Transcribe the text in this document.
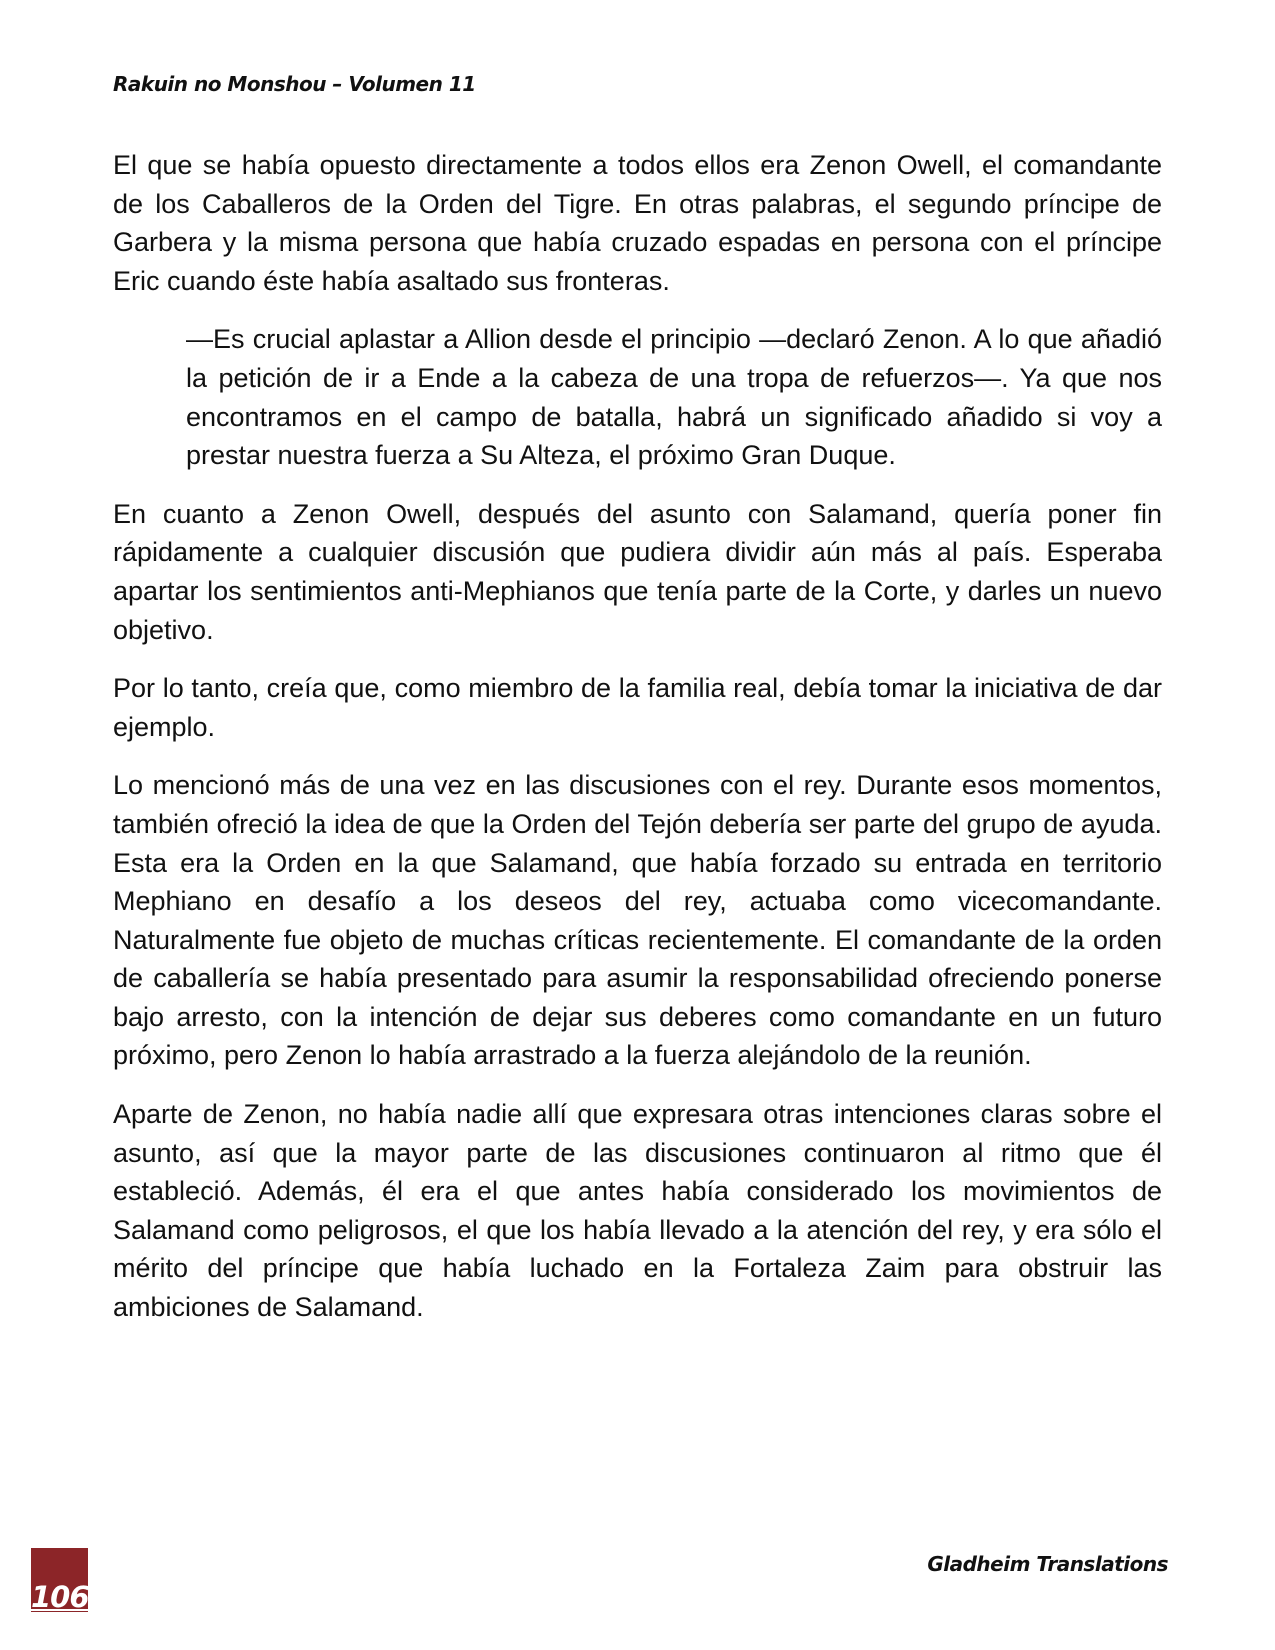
Rakuin no Monshou – Volumen 11

El que se había opuesto directamente a todos ellos era Zenon Owell, el comandante de los Caballeros de la Orden del Tigre. En otras palabras, el segundo príncipe de Garbera y la misma persona que había cruzado espadas en persona con el príncipe Eric cuando éste había asaltado sus fronteras.

—Es crucial aplastar a Allion desde el principio —declaró Zenon. A lo que añadió la petición de ir a Ende a la cabeza de una tropa de refuerzos—. Ya que nos encontramos en el campo de batalla, habrá un significado añadido si voy a prestar nuestra fuerza a Su Alteza, el próximo Gran Duque.

En cuanto a Zenon Owell, después del asunto con Salamand, quería poner fin rápidamente a cualquier discusión que pudiera dividir aún más al país. Esperaba apartar los sentimientos anti-Mephianos que tenía parte de la Corte, y darles un nuevo objetivo.

Por lo tanto, creía que, como miembro de la familia real, debía tomar la iniciativa de dar ejemplo.

Lo mencionó más de una vez en las discusiones con el rey. Durante esos momentos, también ofreció la idea de que la Orden del Tejón debería ser parte del grupo de ayuda. Esta era la Orden en la que Salamand, que había forzado su entrada en territorio Mephiano en desafío a los deseos del rey, actuaba como vicecomandante. Naturalmente fue objeto de muchas críticas recientemente. El comandante de la orden de caballería se había presentado para asumir la responsabilidad ofreciendo ponerse bajo arresto, con la intención de dejar sus deberes como comandante en un futuro próximo, pero Zenon lo había arrastrado a la fuerza alejándolo de la reunión.

Aparte de Zenon, no había nadie allí que expresara otras intenciones claras sobre el asunto, así que la mayor parte de las discusiones continuaron al ritmo que él estableció. Además, él era el que antes había considerado los movimientos de Salamand como peligrosos, el que los había llevado a la atención del rey, y era sólo el mérito del príncipe que había luchado en la Fortaleza Zaim para obstruir las ambiciones de Salamand.

106
Gladheim Translations
